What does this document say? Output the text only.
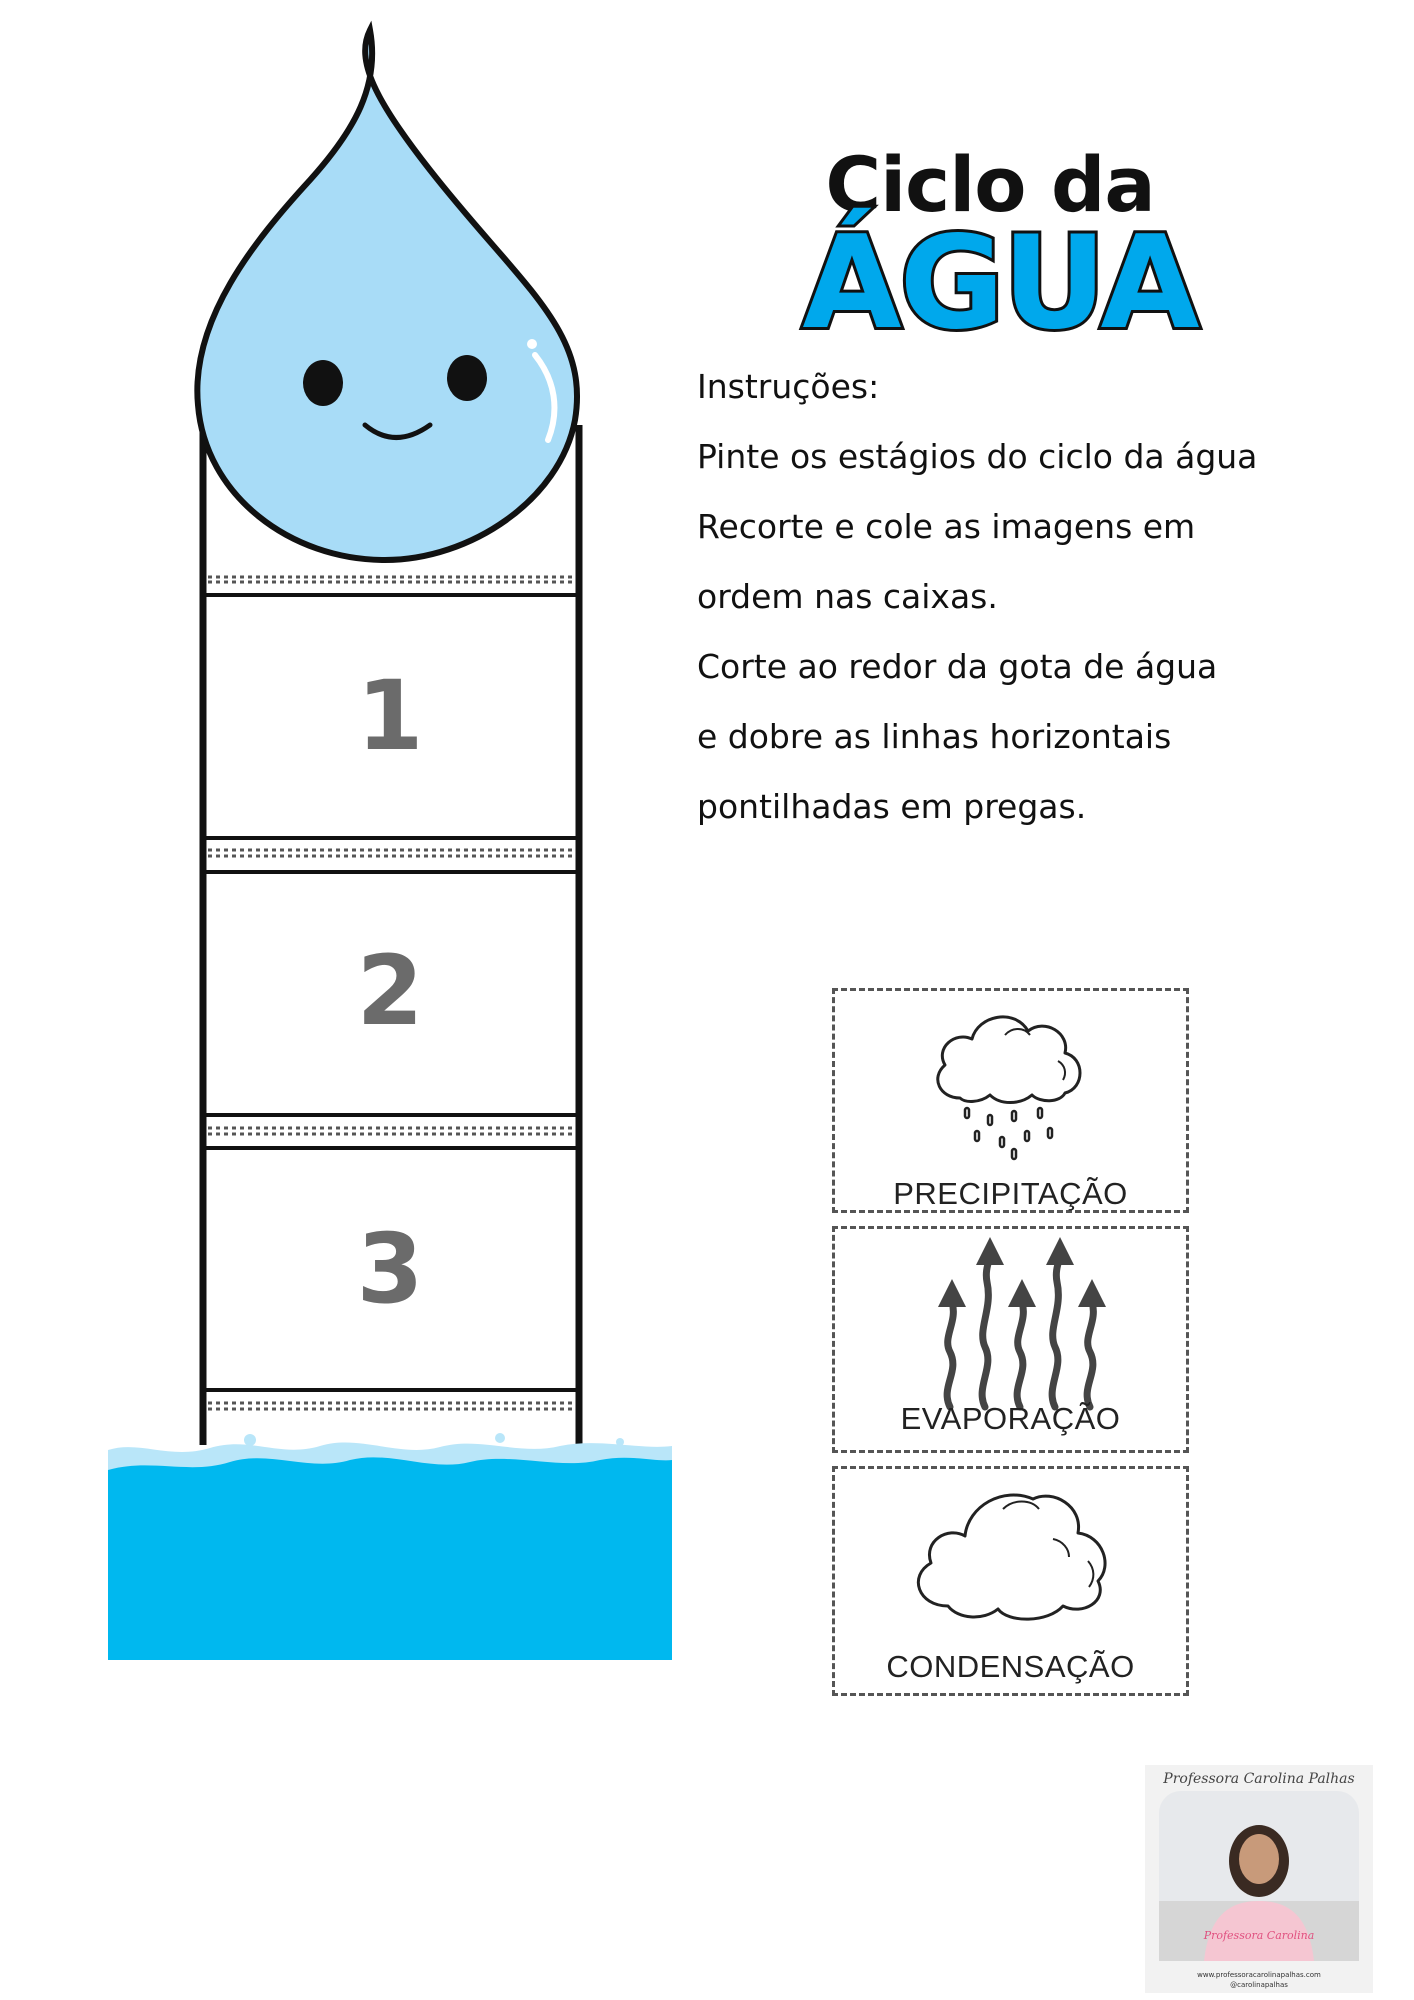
1
2
3
Ciclo da
ÁGUA
Instruções:
Pinte os estágios do ciclo da água
Recorte e cole as imagens em
ordem nas caixas.
Corte ao redor da gota de água
e dobre as linhas horizontais
pontilhadas em pregas.
PRECIPITAÇÃO
EVAPORAÇÃO
CONDENSAÇÃO
Professora Carolina Palhas
Professora Carolina
www.professoracarolinapalhas.com
@carolinapalhas
